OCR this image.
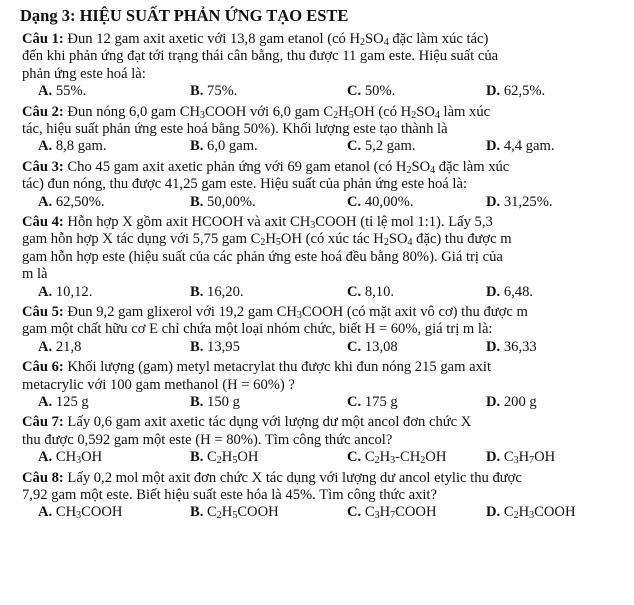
Dạng 3: HIỆU SUẤT PHẢN ỨNG TẠO ESTE

Câu 1: Đun 12 gam axit axetic với 13,8 gam etanol (có $H_2SO_4$ đặc làm xúc tác)

đến khi phản ứng đạt tới trạng thái cân bằng, thu được 11 gam este. Hiệu suất của

phản ứng este hoá là:

A. 55%.	B. 75%.	C. 50%.	D. 62,5%.

Câu 2: Đun nóng 6,0 gam $CH_3COOH$ với 6,0 gam $C_2H_5OH$ (có $H_2SO_4$ làm xúc

tác, hiệu suất phản ứng este hoá bằng 50%). Khối lượng este tạo thành là

A. 8,8 gam.	B. 6,0 gam.	C. 5,2 gam.	D. 4,4 gam.

Câu 3: Cho 45 gam axit axetic phản ứng với 69 gam etanol (có $H_2SO_4$ đặc làm xúc

tác) đun nóng, thu được 41,25 gam este. Hiệu suất của phản ứng este hoá là:

A. 62,50%.	B. 50,00%.	C. 40,00%.	D. 31,25%.

Câu 4: Hỗn hợp X gồm axit HCOOH và axit $CH_3COOH$ (tỉ lệ mol 1:1). Lấy 5,3

gam hỗn hợp X tác dụng với 5,75 gam $C_2H_5OH$ (có xúc tác $H_2SO_4$ đặc) thu được m

gam hỗn hợp este (hiệu suất của các phản ứng este hoá đều bằng 80%). Giá trị của

m là

A. 10,12.	B. 16,20.	C. 8,10.	D. 6,48.

Câu 5: Đun 9,2 gam glixerol với 19,2 gam $CH_3COOH$ (có mặt axit vô cơ) thu được m

gam một chất hữu cơ E chỉ chứa một loại nhóm chức, biết H = 60%, giá trị m là:

A. 21,8	B. 13,95	C. 13,08	D. 36,33

Câu 6: Khối lượng (gam) metyl metacrylat thu được khi đun nóng 215 gam axit

metacrylic với 100 gam methanol (H = 60%) ?

A. 125 g	B. 150 g	C. 175 g	D. 200 g

Câu 7: Lấy 0,6 gam axit axetic tác dụng với lượng dư một ancol đơn chức X

thu được 0,592 gam một este (H = 80%). Tìm công thức ancol?

A. $CH_3OH$	B. $C_2H_5OH$	C. $C_2H_3-CH_2OH$	D. $C_3H_7OH$

Câu 8: Lấy 0,2 mol một axit đơn chức X tác dụng với lượng dư ancol etylic thu được

7,92 gam một este. Biết hiệu suất este hóa là 45%. Tìm công thức axit?

A. $CH_3COOH$	B. $C_2H_5COOH$	C. $C_3H_7COOH$	D. $C_2H_3COOH$
